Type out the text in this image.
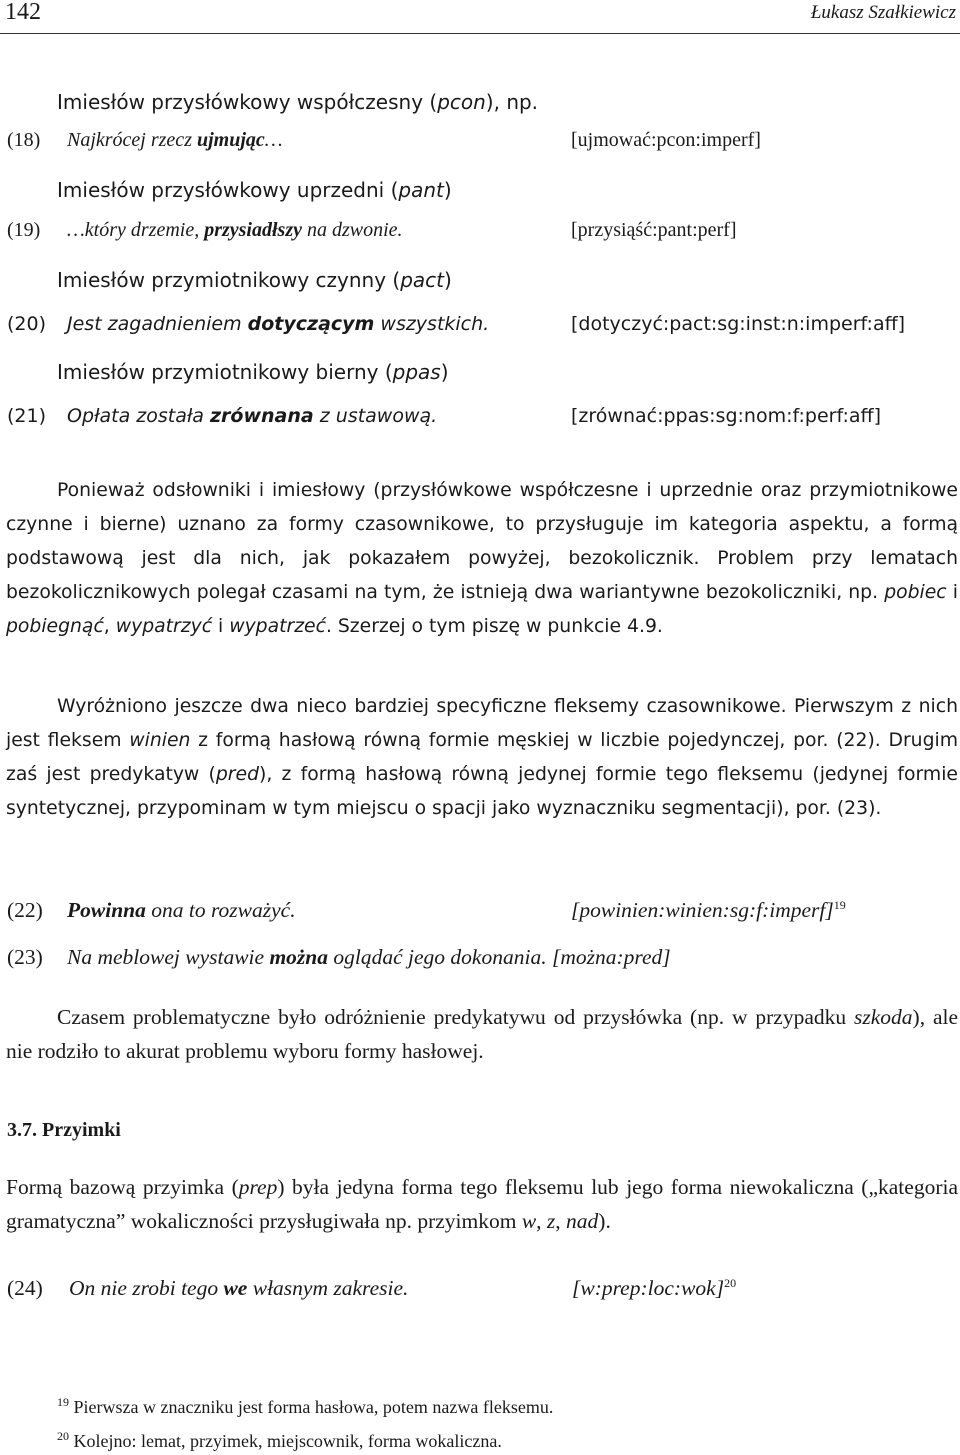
142	Łukasz Szałkiewicz
Imiesłów przysłówkowy współczesny (pcon), np.
(18) Najkrócej rzecz ujmując…	[ujmować:pcon:imperf]
Imiesłów przysłówkowy uprzedni (pant)
(19) …który drzemie, przysiadłszy na dzwonie.	[przysiąść:pant:perf]
Imiesłów przymiotnikowy czynny (pact)
(20) Jest zagadnieniem dotyczącym wszystkich.	[dotyczyć:pact:sg:inst:n:imperf:aff]
Imiesłów przymiotnikowy bierny (ppas)
(21) Opłata została zrównana z ustawową.	[zrównać:ppas:sg:nom:f:perf:aff]

Ponieważ odsłowniki i imiesłowy (przysłówkowe współczesne i uprzednie oraz przymiotnikowe czynne i bierne) uznano za formy czasownikowe, to przysługuje im kategoria aspektu, a formą podstawową jest dla nich, jak pokazałem powyżej, bezokolicznik. Problem przy lematach bezokolicznikowych polegał czasami na tym, że istnieją dwa wariantywne bezokoliczniki, np. pobiec i pobiegnąć, wypatrzyć i wypatrzeć. Szerzej o tym piszę w punkcie 4.9.

Wyróżniono jeszcze dwa nieco bardziej specyficzne fleksemy czasownikowe. Pierwszym z nich jest fleksem winien z formą hasłową równą formie męskiej w liczbie pojedynczej, por. (22). Drugim zaś jest predykatyw (pred), z formą hasłową równą jedynej formie tego fleksemu (jedynej formie syntetycznej, przypominam w tym miejscu o spacji jako wyznaczniku segmentacji), por. (23).

(22) Powinna ona to rozważyć.	[powinien:winien:sg:f:imperf]$^{19}$
(23) Na meblowej wystawie można oglądać jego dokonania. [można:pred]

Czasem problematyczne było odróżnienie predykatywu od przysłówka (np. w przypadku szkoda), ale nie rodziło to akurat problemu wyboru formy hasłowej.

3.7. Przyimki

Formą bazową przyimka (prep) była jedyna forma tego fleksemu lub jego forma niewokaliczna („kategoria gramatyczna” wokaliczności przysługiwała np. przyimkom w, z, nad).

(24) On nie zrobi tego we własnym zakresie.	[w:prep:loc:wok]$^{20}$
$^{19}$ Pierwsza w znaczniku jest forma hasłowa, potem nazwa fleksemu.
$^{20}$ Kolejno: lemat, przyimek, miejscownik, forma wokaliczna.
